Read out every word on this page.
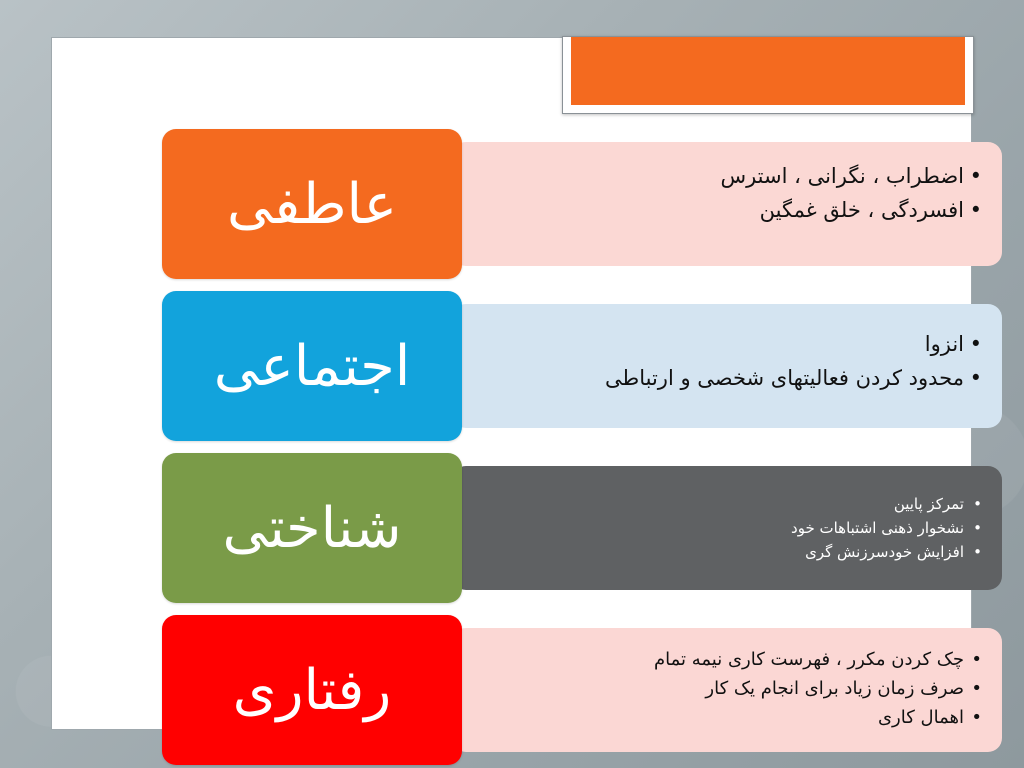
• اضطراب ، نگرانی ، استرس
• افسردگی ، خلق غمگین
عاطفی
• انزوا
• محدود کردن فعالیتهای شخصی و ارتباطی
اجتماعی
• تمرکز پایین
• نشخوار ذهنی اشتباهات خود
• افزایش خودسرزنش گری
شناختی
• چک کردن مکرر ، فهرست کاری نیمه تمام
• صرف زمان زیاد برای انجام یک کار
• اهمال کاری
رفتاری
